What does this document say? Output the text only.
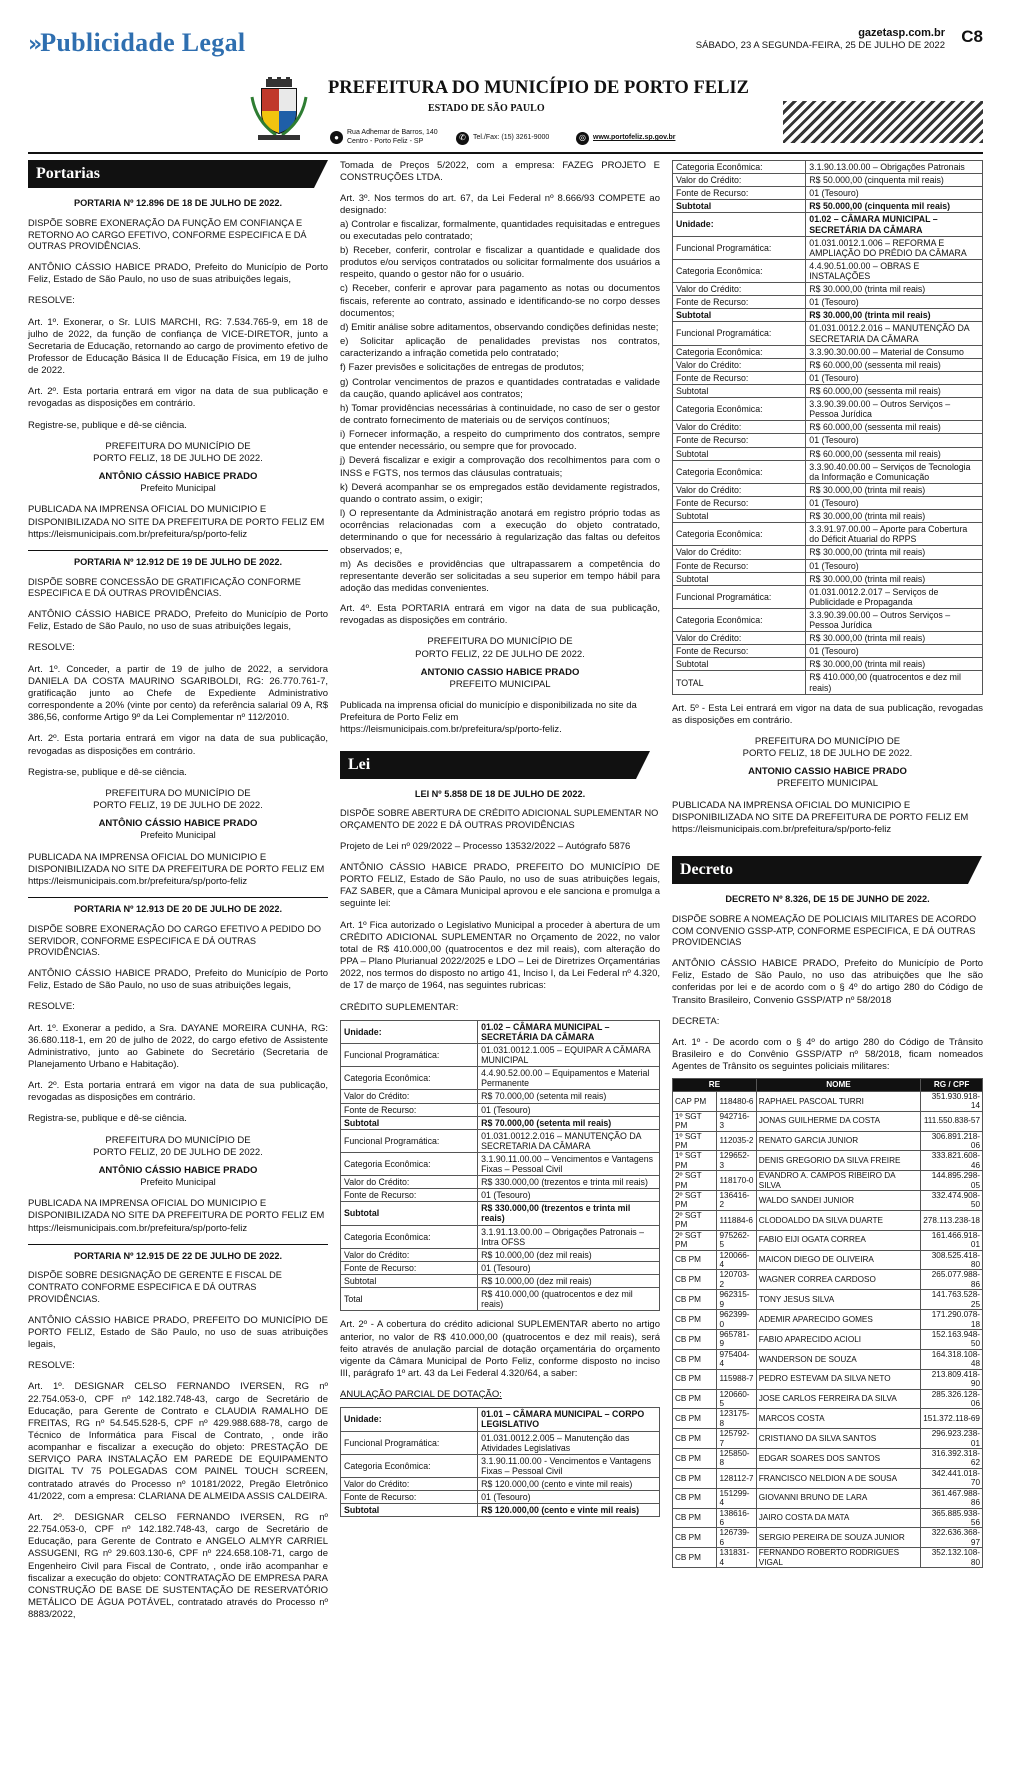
» Publicidade Legal	gazetasp.com.br
SÁBADO, 23 A SEGUNDA-FEIRA, 25 DE JULHO DE 2022 C8
PREFEITURA DO MUNICÍPIO DE PORTO FELIZ
ESTADO DE SÃO PAULO
●
Rua Adhemar de Barros, 140
Centro - Porto Feliz - SP	✆	Tel./Fax: (15) 3261-9000	◎	www.portofeliz.sp.gov.br
Portarias
PORTARIA Nº 12.896 DE 18 DE JULHO DE 2022.
DISPÕE SOBRE EXONERAÇÃO DA FUNÇÃO EM CONFIANÇA E RETORNO AO CARGO EFETIVO, CONFORME ESPECIFICA E DÁ OUTRAS PROVIDÊNCIAS.

ANTÔNIO CÁSSIO HABICE PRADO, Prefeito do Município de Porto Feliz, Estado de São Paulo, no uso de suas atribuições legais,

RESOLVE:

Art. 1º. Exonerar, o Sr. LUIS MARCHI, RG: 7.534.765-9, em 18 de julho de 2022, da função de confiança de VICE-DIRETOR, junto a Secretaria de Educação, retornando ao cargo de provimento efetivo de Professor de Educação Básica II de Educação Física, em 19 de julho de 2022.

Art. 2º. Esta portaria entrará em vigor na data de sua publicação e revogadas as disposições em contrário.

Registre-se, publique e dê-se ciência.

PREFEITURA DO MUNICÍPIO DE
PORTO FELIZ, 18 DE JULHO DE 2022.
ANTÔNIO CÁSSIO HABICE PRADO
Prefeito Municipal

PUBLICADA NA IMPRENSA OFICIAL DO MUNICIPIO E DISPONIBILIZADA NO SITE DA PREFEITURA DE PORTO FELIZ EM https://leismunicipais.com.br/prefeitura/sp/porto-feliz

PORTARIA Nº 12.912 DE 19 DE JULHO DE 2022.
DISPÕE SOBRE CONCESSÃO DE GRATIFICAÇÃO CONFORME ESPECIFICA E DÁ OUTRAS PROVIDÊNCIAS.

ANTÔNIO CÁSSIO HABICE PRADO, Prefeito do Município de Porto Feliz, Estado de São Paulo, no uso de suas atribuições legais,

RESOLVE:

Art. 1º. Conceder, a partir de 19 de julho de 2022, a servidora DANIELA DA COSTA MAURINO SGARIBOLDI, RG: 26.770.761-7, gratificação junto ao Chefe de Expediente Administrativo correspondente a 20% (vinte por cento) da referência salarial 09 A, R$ 386,56, conforme Artigo 9º da Lei Complementar nº 112/2010.

Art. 2º. Esta portaria entrará em vigor na data de sua publicação, revogadas as disposições em contrário.

Registra-se, publique e dê-se ciência.

PREFEITURA DO MUNICÍPIO DE
PORTO FELIZ, 19 DE JULHO DE 2022.
ANTÔNIO CÁSSIO HABICE PRADO
Prefeito Municipal

PUBLICADA NA IMPRENSA OFICIAL DO MUNICIPIO E DISPONIBILIZADA NO SITE DA PREFEITURA DE PORTO FELIZ EM https://leismunicipais.com.br/prefeitura/sp/porto-feliz

PORTARIA Nº 12.913 DE 20 DE JULHO DE 2022.
DISPÕE SOBRE EXONERAÇÃO DO CARGO EFETIVO A PEDIDO DO SERVIDOR, CONFORME ESPECIFICA E DÁ OUTRAS PROVIDÊNCIAS.

ANTÔNIO CÁSSIO HABICE PRADO, Prefeito do Município de Porto Feliz, Estado de São Paulo, no uso de suas atribuições legais,

RESOLVE:

Art. 1º. Exonerar a pedido, a Sra. DAYANE MOREIRA CUNHA, RG: 36.680.118-1, em 20 de julho de 2022, do cargo efetivo de Assistente Administrativo, junto ao Gabinete do Secretário (Secretaria de Planejamento Urbano e Habitação).

Art. 2º. Esta portaria entrará em vigor na data de sua publicação, revogadas as disposições em contrário.

Registra-se, publique e dê-se ciência.

PREFEITURA DO MUNICÍPIO DE
PORTO FELIZ, 20 DE JULHO DE 2022.
ANTÔNIO CÁSSIO HABICE PRADO
Prefeito Municipal

PUBLICADA NA IMPRENSA OFICIAL DO MUNICIPIO E DISPONIBILIZADA NO SITE DA PREFEITURA DE PORTO FELIZ EM https://leismunicipais.com.br/prefeitura/sp/porto-feliz

PORTARIA Nº 12.915 DE 22 DE JULHO DE 2022.
DISPÕE SOBRE DESIGNAÇÃO DE GERENTE E FISCAL DE CONTRATO CONFORME ESPECIFICA E DÁ OUTRAS PROVIDÊNCIAS.

ANTÔNIO CÁSSIO HABICE PRADO, PREFEITO DO MUNICÍPIO DE PORTO FELIZ, Estado de São Paulo, no uso de suas atribuições legais,

RESOLVE:

Art. 1º. DESIGNAR CELSO FERNANDO IVERSEN, RG nº 22.754.053-0, CPF nº 142.182.748-43, cargo de Secretário de Educação, para Gerente de Contrato e CLAUDIA RAMALHO DE FREITAS, RG nº 54.545.528-5, CPF nº 429.988.688-78, cargo de Técnico de Informática para Fiscal de Contrato, , onde irão acompanhar e fiscalizar a execução do objeto: PRESTAÇÃO DE SERVIÇO PARA INSTALAÇÃO EM PAREDE DE EQUIPAMENTO DIGITAL TV 75 POLEGADAS COM PAINEL TOUCH SCREEN, contratado através do Processo nº 10181/2022, Pregão Eletrônico 41/2022, com a empresa: CLARIANA DE ALMEIDA ASSIS CALDEIRA.

Art. 2º. DESIGNAR CELSO FERNANDO IVERSEN, RG nº 22.754.053-0, CPF nº 142.182.748-43, cargo de Secretário de Educação, para Gerente de Contrato e ANGELO ALMYR CARRIEL ASSUGENI, RG nº 29.603.130-6, CPF nº 224.658.108-71, cargo de Engenheiro Civil para Fiscal de Contrato, , onde irão acompanhar e fiscalizar a execução do objeto: CONTRATAÇÃO DE EMPRESA PARA CONSTRUÇÃO DE BASE DE SUSTENTAÇÃO DE RESERVATÓRIO METÁLICO DE ÁGUA POTÁVEL, contratado através do Processo nº 8883/2022,

Tomada de Preços 5/2022, com a empresa: FAZEG PROJETO E CONSTRUÇÕES LTDA.

Art. 3º. Nos termos do art. 67, da Lei Federal nº 8.666/93 COMPETE ao designado:

a) Controlar e fiscalizar, formalmente, quantidades requisitadas e entregues ou executadas pelo contratado;

b) Receber, conferir, controlar e fiscalizar a quantidade e qualidade dos produtos e/ou serviços contratados ou solicitar formalmente dos usuários a respeito, quando o gestor não for o usuário.

c) Receber, conferir e aprovar para pagamento as notas ou documentos fiscais, referente ao contrato, assinado e identificando-se no corpo desses documentos;

d) Emitir análise sobre aditamentos, observando condições definidas neste;

e) Solicitar aplicação de penalidades previstas nos contratos, caracterizando a infração cometida pelo contratado;

f) Fazer previsões e solicitações de entregas de produtos;

g) Controlar vencimentos de prazos e quantidades contratadas e validade da caução, quando aplicável aos contratos;

h) Tomar providências necessárias à continuidade, no caso de ser o gestor de contrato fornecimento de materiais ou de serviços contínuos;

i) Fornecer informação, a respeito do cumprimento dos contratos, sempre que entender necessário, ou sempre que for provocado.

j) Deverá fiscalizar e exigir a comprovação dos recolhimentos para com o INSS e FGTS, nos termos das cláusulas contratuais;

k) Deverá acompanhar se os empregados estão devidamente registrados, quando o contrato assim, o exigir;

l) O representante da Administração anotará em registro próprio todas as ocorrências relacionadas com a execução do objeto contratado, determinando o que for necessário à regularização das faltas ou defeitos observados; e,

m) As decisões e providências que ultrapassarem a competência do representante deverão ser solicitadas a seu superior em tempo hábil para adoção das medidas convenientes.

Art. 4º. Esta PORTARIA entrará em vigor na data de sua publicação, revogadas as disposições em contrário.

PREFEITURA DO MUNICÍPIO DE
PORTO FELIZ, 22 DE JULHO DE 2022.
ANTONIO CASSIO HABICE PRADO
PREFEITO MUNICIPAL

Publicada na imprensa oficial do município e disponibilizada no site da Prefeitura de Porto Feliz em https://leismunicipais.com.br/prefeitura/sp/porto-feliz.

Lei
LEI Nº 5.858 DE 18 DE JULHO DE 2022.
DISPÕE SOBRE ABERTURA DE CRÉDITO ADICIONAL SUPLEMENTAR NO ORÇAMENTO DE 2022 E DÁ OUTRAS PROVIDÊNCIAS

Projeto de Lei nº 029/2022 – Processo 13532/2022 – Autógrafo 5876

ANTÔNIO CÁSSIO HABICE PRADO, PREFEITO DO MUNICÍPIO DE PORTO FELIZ, Estado de São Paulo, no uso de suas atribuições legais, FAZ SABER, que a Câmara Municipal aprovou e ele sanciona e promulga a seguinte lei:

Art. 1º Fica autorizado o Legislativo Municipal a proceder à abertura de um CRÉDITO ADICIONAL SUPLEMENTAR no Orçamento de 2022, no valor total de R$ 410.000,00 (quatrocentos e dez mil reais), com alteração do PPA – Plano Plurianual 2022/2025 e LDO – Lei de Diretrizes Orçamentárias 2022, nos termos do disposto no artigo 41, Inciso I, da Lei Federal nº 4.320, de 17 de março de 1964, nas seguintes rubricas:

CRÉDITO SUPLEMENTAR:
Unidade:	01.02 – CÂMARA MUNICIPAL – SECRETÁRIA DA CÂMARA
Funcional Programática:	01.031.0012.1.005 – EQUIPAR A CÂMARA MUNICIPAL
Categoria Econômica:	4.4.90.52.00.00 – Equipamentos e Material Permanente
Valor do Crédito:	R$ 70.000,00 (setenta mil reais)
Fonte de Recurso:	01 (Tesouro)
Subtotal	R$ 70.000,00 (setenta mil reais)
Funcional Programática:	01.031.0012.2.016 – MANUTENÇÃO DA SECRETARIA DA CÂMARA
Categoria Econômica:	3.1.90.11.00.00 – Vencimentos e Vantagens Fixas – Pessoal Civil
Valor do Crédito:	R$ 330.000,00 (trezentos e trinta mil reais)
Fonte de Recurso:	01 (Tesouro)
Subtotal	R$ 330.000,00 (trezentos e trinta mil reais)
Categoria Econômica:	3.1.91.13.00.00 – Obrigações Patronais – Intra OFSS
Valor do Crédito:	R$ 10.000,00 (dez mil reais)
Fonte de Recurso:	01 (Tesouro)
Subtotal	R$ 10.000,00 (dez mil reais)
Total	R$ 410.000,00 (quatrocentos e dez mil reais)

Art. 2º - A cobertura do crédito adicional SUPLEMENTAR aberto no artigo anterior, no valor de R$ 410.000,00 (quatrocentos e dez mil reais), será feito através de anulação parcial de dotação orçamentária do orçamento vigente da Câmara Municipal de Porto Feliz, conforme disposto no inciso III, parágrafo 1º art. 43 da Lei Federal 4.320/64, a saber:

ANULAÇÃO PARCIAL DE DOTAÇÃO:
Unidade:	01.01 – CÂMARA MUNICIPAL – CORPO LEGISLATIVO
Funcional Programática:	01.031.0012.2.005 – Manutenção das Atividades Legislativas
Categoria Econômica:	3.1.90.11.00.00 - Vencimentos e Vantagens Fixas – Pessoal Civil
Valor do Crédito:	R$ 120.000,00 (cento e vinte mil reais)
Fonte de Recurso:	01 (Tesouro)
Subtotal	R$ 120.000,00 (cento e vinte mil reais)
Categoria Econômica:	3.1.90.13.00.00 – Obrigações Patronais
Valor do Crédito:	R$ 50.000,00 (cinquenta mil reais)
Fonte de Recurso:	01 (Tesouro)
Subtotal	R$ 50.000,00 (cinquenta mil reais)
Unidade:	01.02 – CÂMARA MUNICIPAL – SECRETÁRIA DA CÂMARA
Funcional Programática:	01.031.0012.1.006 – REFORMA E AMPLIAÇÃO DO PRÉDIO DA CÂMARA
Categoria Econômica:	4.4.90.51.00.00 – OBRAS E INSTALAÇÕES
Valor do Crédito:	R$ 30.000,00 (trinta mil reais)
Fonte de Recurso:	01 (Tesouro)
Subtotal	R$ 30.000,00 (trinta mil reais)
Funcional Programática:	01.031.0012.2.016 – MANUTENÇÃO DA SECRETARIA DA CÂMARA
Categoria Econômica:	3.3.90.30.00.00 – Material de Consumo
Valor do Crédito:	R$ 60.000,00 (sessenta mil reais)
Fonte de Recurso:	01 (Tesouro)
Subtotal	R$ 60.000,00 (sessenta mil reais)
Categoria Econômica:	3.3.90.39.00.00 – Outros Serviços – Pessoa Jurídica
Valor do Crédito:	R$ 60.000,00 (sessenta mil reais)
Fonte de Recurso:	01 (Tesouro)
Subtotal	R$ 60.000,00 (sessenta mil reais)
Categoria Econômica:	3.3.90.40.00.00 – Serviços de Tecnologia da Informação e Comunicação
Valor do Crédito:	R$ 30.000,00 (trinta mil reais)
Fonte de Recurso:	01 (Tesouro)
Subtotal	R$ 30.000,00 (trinta mil reais)
Categoria Econômica:	3.3.91.97.00.00 – Aporte para Cobertura do Déficit Atuarial do RPPS
Valor do Crédito:	R$ 30.000,00 (trinta mil reais)
Fonte de Recurso:	01 (Tesouro)
Subtotal	R$ 30.000,00 (trinta mil reais)
Funcional Programática:	01.031.0012.2.017 – Serviços de Publicidade e Propaganda
Categoria Econômica:	3.3.90.39.00.00 – Outros Serviços – Pessoa Jurídica
Valor do Crédito:	R$ 30.000,00 (trinta mil reais)
Fonte de Recurso:	01 (Tesouro)
Subtotal	R$ 30.000,00 (trinta mil reais)
TOTAL	R$ 410.000,00 (quatrocentos e dez mil reais)

Art. 5º - Esta Lei entrará em vigor na data de sua publicação, revogadas as disposições em contrário.

PREFEITURA DO MUNICÍPIO DE
PORTO FELIZ, 18 DE JULHO DE 2022.
ANTONIO CASSIO HABICE PRADO
PREFEITO MUNICIPAL

PUBLICADA NA IMPRENSA OFICIAL DO MUNICIPIO E DISPONIBILIZADA NO SITE DA PREFEITURA DE PORTO FELIZ EM https://leismunicipais.com.br/prefeitura/sp/porto-feliz

Decreto
DECRETO Nº 8.326, DE 15 DE JUNHO DE 2022.
DISPÕE SOBRE A NOMEAÇÃO DE POLICIAIS MILITARES DE ACORDO COM CONVENIO GSSP-ATP, CONFORME ESPECIFICA, E DÁ OUTRAS PROVIDENCIAS

ANTÔNIO CÁSSIO HABICE PRADO, Prefeito do Município de Porto Feliz, Estado de São Paulo, no uso das atribuições que lhe são conferidas por lei e de acordo com o § 4º do artigo 280 do Código de Transito Brasileiro, Convenio GSSP/ATP nº 58/2018

DECRETA:

Art. 1º - De acordo com o § 4º do artigo 280 do Código de Trânsito Brasileiro e do Convênio GSSP/ATP nº 58/2018, ficam nomeados Agentes de Trânsito os seguintes policiais militares:

RE		NOME	RG / CPF
CAP PM	118480-6	RAPHAEL PASCOAL TURRI	351.930.918-14
1º SGT PM	942716-3	JONAS GUILHERME DA COSTA	111.550.838-57
1º SGT PM	112035-2	RENATO GARCIA JUNIOR	306.891.218-06
1º SGT PM	129652-3	DENIS GREGORIO DA SILVA FREIRE	333.821.608-46
2º SGT PM	118170-0	EVANDRO A. CAMPOS RIBEIRO DA SILVA	144.895.298-05
2º SGT PM	136416-2	WALDO SANDEI JUNIOR	332.474.908-50
2º SGT PM	111884-6	CLODOALDO DA SILVA DUARTE	278.113.238-18
2º SGT PM	975262-5	FABIO EIJI OGATA CORREA	161.466.918-01
CB PM	120066-4	MAICON DIEGO DE OLIVEIRA	308.525.418-80
CB PM	120703-2	WAGNER CORREA CARDOSO	265.077.988-86
CB PM	962315-9	TONY JESUS SILVA	141.763.528-25
CB PM	962399-0	ADEMIR APARECIDO GOMES	171.290.078-18
CB PM	965781-9	FABIO APARECIDO ACIOLI	152.163.948-50
CB PM	975404-4	WANDERSON DE SOUZA	164.318.108-48
CB PM	115988-7	PEDRO ESTEVAM DA SILVA NETO	213.809.418-90
CB PM	120660-5	JOSE CARLOS FERREIRA DA SILVA	285.326.128-06
CB PM	123175-8	MARCOS COSTA	151.372.118-69
CB PM	125792-7	CRISTIANO DA SILVA SANTOS	296.923.238-01
CB PM	125850-8	EDGAR SOARES DOS SANTOS	316.392.318-62
CB PM	128112-7	FRANCISCO NELDION A DE SOUSA	342.441.018-70
CB PM	151299-4	GIOVANNI BRUNO DE LARA	361.467.988-86
CB PM	138616-6	JAIRO COSTA DA MATA	365.885.938-56
CB PM	126739-6	SERGIO PEREIRA DE SOUZA JUNIOR	322.636.368-97
CB PM	131831-4	FERNANDO ROBERTO RODRIGUES VIGAL	352.132.108-80
